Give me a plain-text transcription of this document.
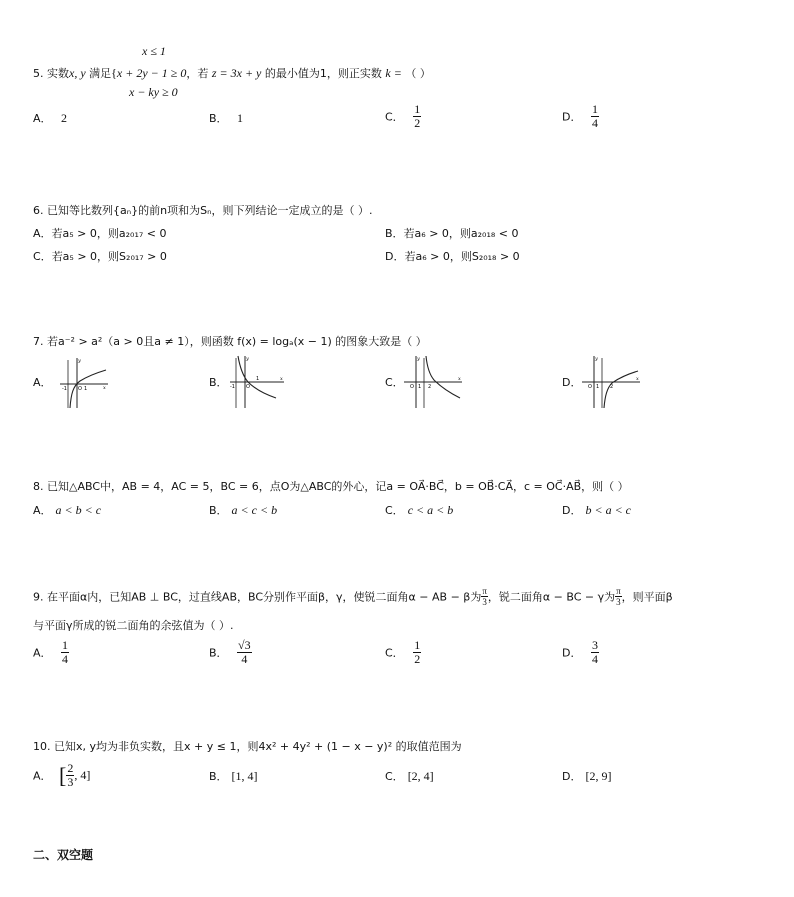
x ≤ 1
5. 实数x, y 满足{x + 2y − 1 ≥ 0，若 z = 3x + y 的最小值为1，则正实数 k = （ ）
x − ky ≥ 0
A． 2	B． 1	C． $\frac{1}{2}$	D． $\frac{1}{4}$
6. 已知等比数列{aₙ}的前n项和为Sₙ，则下列结论一定成立的是（ ）.
A．若a₅ > 0，则a₂₀₁₇ < 0	B．若a₆ > 0，则a₂₀₁₈ < 0
C．若a₅ > 0，则S₂₀₁₇ > 0	D．若a₆ > 0，则S₂₀₁₈ > 0
7. 若a⁻² > a²（a > 0且a ≠ 1），则函数 f(x) = logₐ(x − 1) 的图象大致是（ ）
A． -1 O 1	x
y
B． -1 O
1	x
y
C． O 1 2
x
y
D． O 1 2
x
y
8. 已知△ABC中，AB = 4，AC = 5，BC = 6，点O为△ABC的外心，记a = OA⃗·BC⃗，b = OB⃗·CA⃗，c = OC⃗·AB⃗，则（ ）
A． a < b < c	B． a < c < b	C． c < a < b	D． b < a < c
9. 在平面α内，已知AB ⊥ BC，过直线AB，BC分别作平面β，γ，使锐二面角α − AB − β为 $\frac{\pi}{3}$ ，锐二面角α − BC − γ为 $\frac{\pi}{3}$ ，则平面β
与平面γ所成的锐二面角的余弦值为（ ）.
A． $\frac{1}{4}$	B． $\frac{√3}{4}$	C． $\frac{1}{2}$	D． $\frac{3}{4}$
10. 已知x, y均为非负实数，且x + y ≤ 1，则4x² + 4y² + (1 − x − y)² 的取值范围为
A． [ $\frac{2}{3}$ , 4]	B． [1, 4]	C． [2, 4]	D． [2, 9]
二、双空题
